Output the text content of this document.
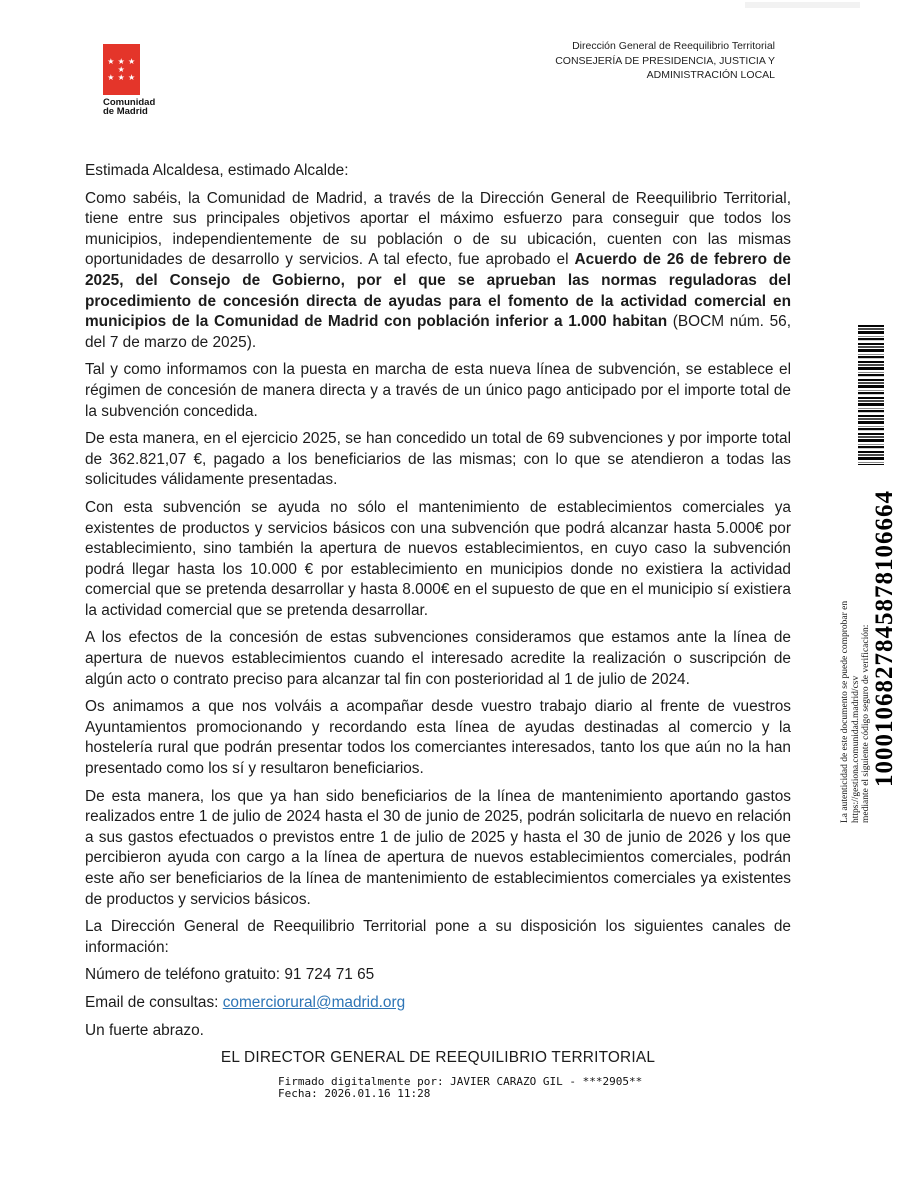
★ ★ ★ ★
★ ★ ★
Comunidad
de Madrid
Dirección General de Reequilibrio Territorial
CONSEJERÍA DE PRESIDENCIA, JUSTICIA Y
ADMINISTRACIÓN LOCAL

Estimada Alcaldesa, estimado Alcalde:

Como sabéis, la Comunidad de Madrid, a través de la Dirección General de Reequilibrio Territorial, tiene entre sus principales objetivos aportar el máximo esfuerzo para conseguir que todos los municipios, independientemente de su población o de su ubicación, cuenten con las mismas oportunidades de desarrollo y servicios. A tal efecto, fue aprobado el Acuerdo de 26 de febrero de 2025, del Consejo de Gobierno, por el que se aprueban las normas reguladoras del procedimiento de concesión directa de ayudas para el fomento de la actividad comercial en municipios de la Comunidad de Madrid con población inferior a 1.000 habitan (BOCM núm. 56, del 7 de marzo de 2025).

Tal y como informamos con la puesta en marcha de esta nueva línea de subvención, se establece el régimen de concesión de manera directa y a través de un único pago anticipado por el importe total de la subvención concedida.

De esta manera, en el ejercicio 2025, se han concedido un total de 69 subvenciones y por importe total de 362.821,07 €, pagado a los beneficiarios de las mismas; con lo que se atendieron a todas las solicitudes válidamente presentadas.

Con esta subvención se ayuda no sólo el mantenimiento de establecimientos comerciales ya existentes de productos y servicios básicos con una subvención que podrá alcanzar hasta 5.000€ por establecimiento, sino también la apertura de nuevos establecimientos, en cuyo caso la subvención podrá llegar hasta los 10.000 € por establecimiento en municipios donde no existiera la actividad comercial que se pretenda desarrollar y hasta 8.000€ en el supuesto de que en el municipio sí existiera la actividad comercial que se pretenda desarrollar.

A los efectos de la concesión de estas subvenciones consideramos que estamos ante la línea de apertura de nuevos establecimientos cuando el interesado acredite la realización o suscripción de algún acto o contrato preciso para alcanzar tal fin con posterioridad al 1 de julio de 2024.

Os animamos a que nos volváis a acompañar desde vuestro trabajo diario al frente de vuestros Ayuntamientos promocionando y recordando esta línea de ayudas destinadas al comercio y la hostelería rural que podrán presentar todos los comerciantes interesados, tanto los que aún no la han presentado como los sí y resultaron beneficiarios.

De esta manera, los que ya han sido beneficiarios de la línea de mantenimiento aportando gastos realizados entre 1 de julio de 2024 hasta el 30 de junio de 2025, podrán solicitarla de nuevo en relación a sus gastos efectuados o previstos entre 1 de julio de 2025 y hasta el 30 de junio de 2026 y los que percibieron ayuda con cargo a la línea de apertura de nuevos establecimientos comerciales, podrán este año ser beneficiarios de la línea de mantenimiento de establecimientos comerciales ya existentes de productos y servicios básicos.

La Dirección General de Reequilibrio Territorial pone a su disposición los siguientes canales de información:

Número de teléfono gratuito: 91 724 71 65

Email de consultas: comerciorural@madrid.org

Un fuerte abrazo.

EL DIRECTOR GENERAL DE REEQUILIBRIO TERRITORIAL

Firmado digitalmente por: JAVIER CARAZO GIL - ***2905**
Fecha: 2026.01.16 11:28
La autenticidad de este documento se puede comprobar en https://gestiona.comunidad.madrid/csv mediante el siguiente código seguro de verificación: 1000106827845878106664
